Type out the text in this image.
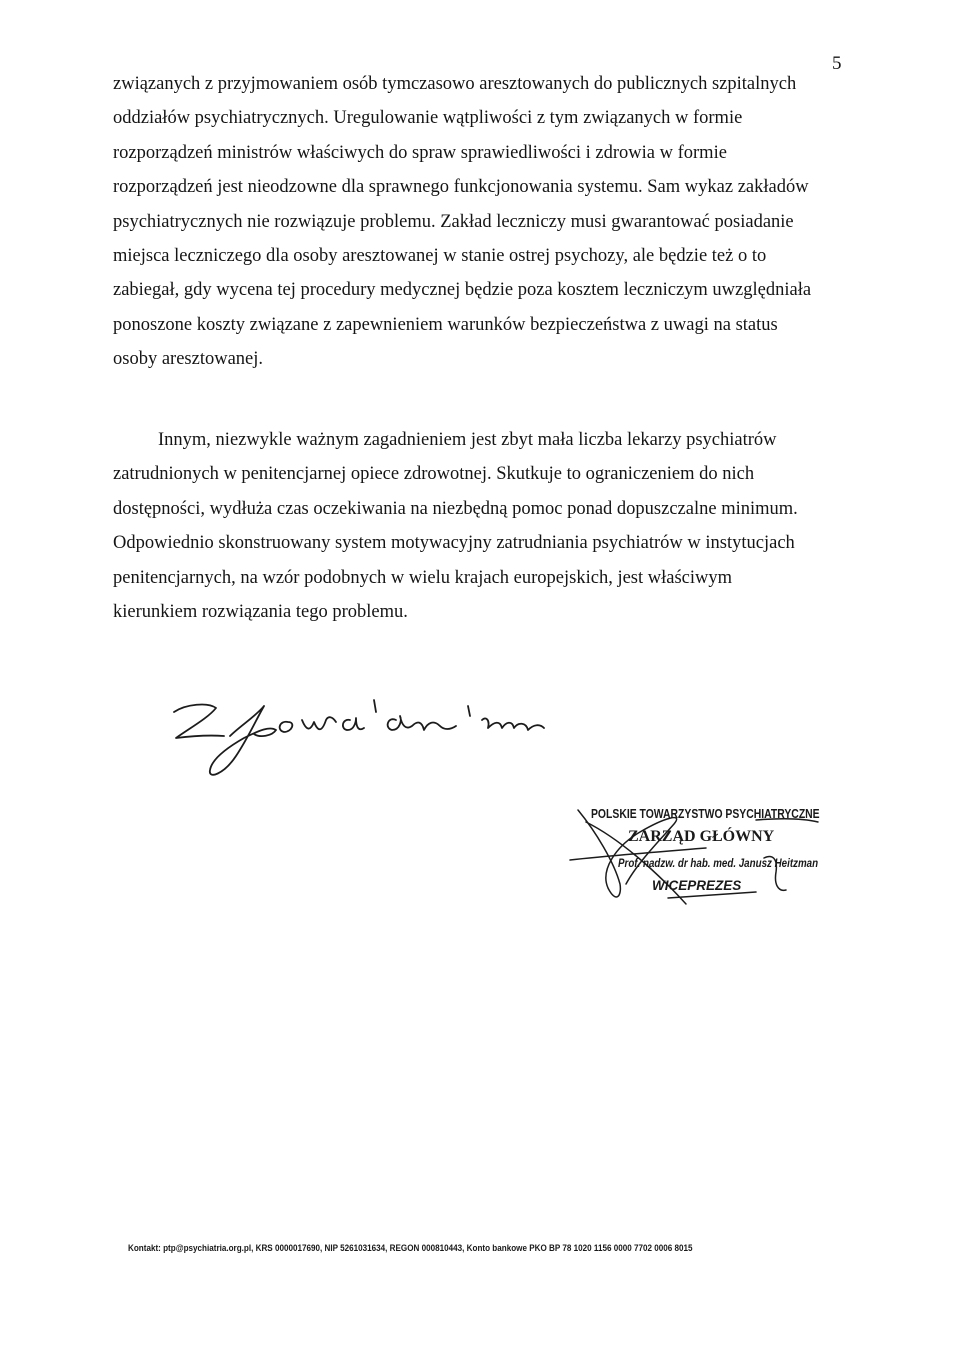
5

związanych z przyjmowaniem osób tymczasowo aresztowanych do publicznych szpitalnych
oddziałów psychiatrycznych. Uregulowanie wątpliwości z tym związanych w formie
rozporządzeń ministrów właściwych do spraw sprawiedliwości i zdrowia w formie
rozporządzeń jest nieodzowne dla sprawnego funkcjonowania systemu. Sam wykaz zakładów
psychiatrycznych nie rozwiązuje problemu. Zakład leczniczy musi gwarantować posiadanie
miejsca leczniczego dla osoby aresztowanej w stanie ostrej psychozy, ale będzie też o to
zabiegał, gdy wycena tej procedury medycznej będzie poza kosztem leczniczym uwzględniała
ponoszone koszty związane z zapewnieniem warunków bezpieczeństwa z uwagi na status
osoby aresztowanej.

Innym, niezwykle ważnym zagadnieniem jest zbyt mała liczba lekarzy psychiatrów
zatrudnionych w penitencjarnej opiece zdrowotnej. Skutkuje to ograniczeniem do nich
dostępności, wydłuża czas oczekiwania na niezbędną pomoc ponad dopuszczalne minimum.
Odpowiednio skonstruowany system motywacyjny zatrudniania psychiatrów w instytucjach
penitencjarnych, na wzór podobnych w wielu krajach europejskich, jest właściwym
kierunkiem rozwiązania tego problemu.

POLSKIE TOWARZYSTWO PSYCHIATRYCZNE
ZARZĄD GŁÓWNY
Prof. nadzw. dr hab. med. Janusz Heitzman
WICEPREZES
Kontakt: ptp@psychiatria.org.pl, KRS 0000017690, NIP 5261031634, REGON 000810443, Konto bankowe PKO BP 78 1020 1156 0000 7702 0006 8015
